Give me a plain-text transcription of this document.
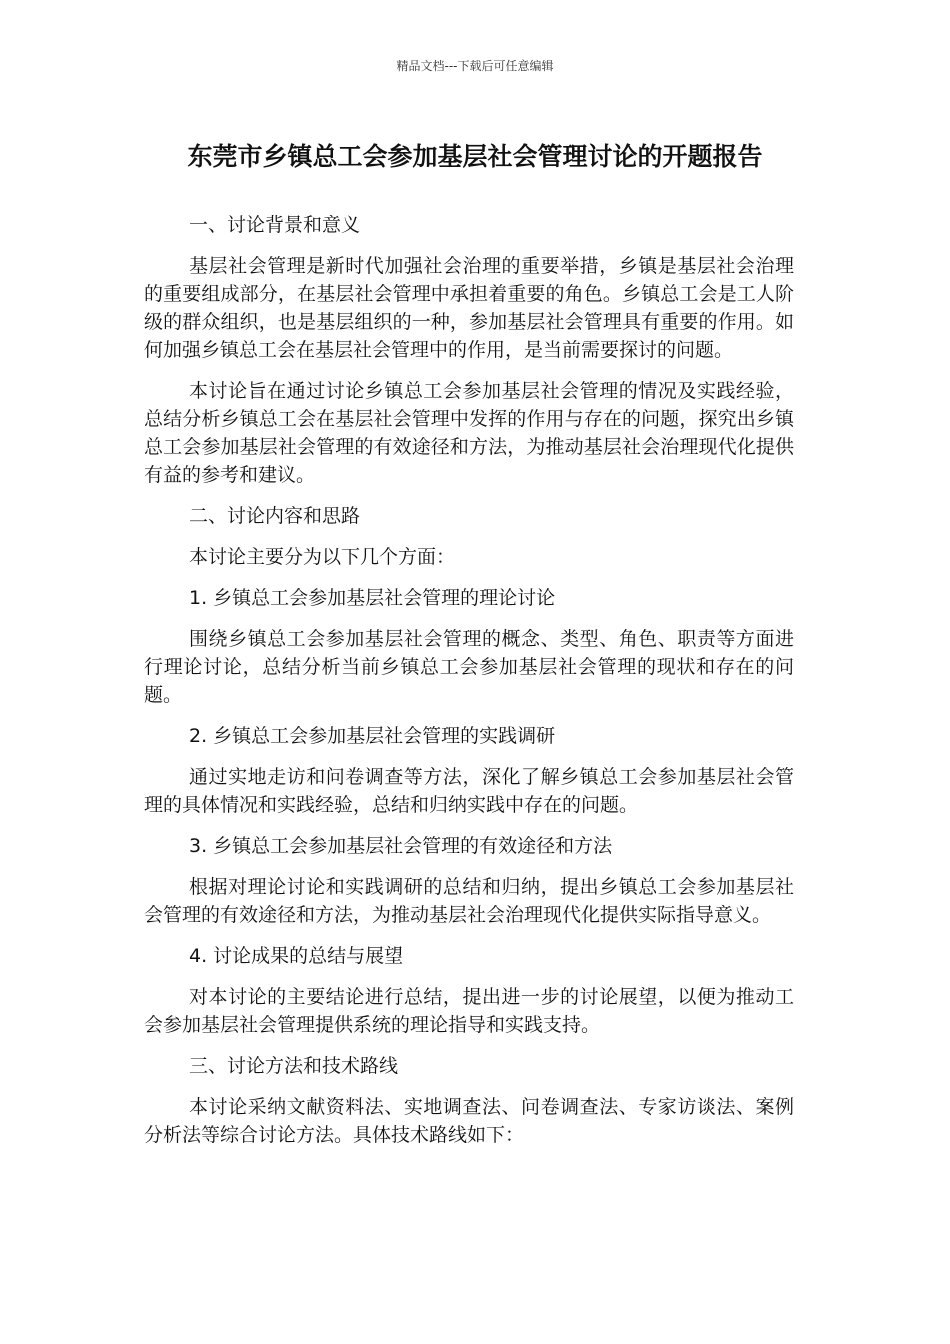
精品文档---下载后可任意编辑
东莞市乡镇总工会参加基层社会管理讨论的开题报告

一、讨论背景和意义

基层社会管理是新时代加强社会治理的重要举措，乡镇是基层社会治理的重要组成部分，在基层社会管理中承担着重要的角色。乡镇总工会是工人阶级的群众组织，也是基层组织的一种，参加基层社会管理具有重要的作用。如何加强乡镇总工会在基层社会管理中的作用，是当前需要探讨的问题。

本讨论旨在通过讨论乡镇总工会参加基层社会管理的情况及实践经验，总结分析乡镇总工会在基层社会管理中发挥的作用与存在的问题，探究出乡镇总工会参加基层社会管理的有效途径和方法，为推动基层社会治理现代化提供有益的参考和建议。

二、讨论内容和思路

本讨论主要分为以下几个方面：

1. 乡镇总工会参加基层社会管理的理论讨论

围绕乡镇总工会参加基层社会管理的概念、类型、角色、职责等方面进行理论讨论，总结分析当前乡镇总工会参加基层社会管理的现状和存在的问题。

2. 乡镇总工会参加基层社会管理的实践调研

通过实地走访和问卷调查等方法，深化了解乡镇总工会参加基层社会管理的具体情况和实践经验，总结和归纳实践中存在的问题。

3. 乡镇总工会参加基层社会管理的有效途径和方法

根据对理论讨论和实践调研的总结和归纳，提出乡镇总工会参加基层社会管理的有效途径和方法，为推动基层社会治理现代化提供实际指导意义。

4. 讨论成果的总结与展望

对本讨论的主要结论进行总结，提出进一步的讨论展望，以便为推动工会参加基层社会管理提供系统的理论指导和实践支持。

三、讨论方法和技术路线

本讨论采纳文献资料法、实地调查法、问卷调查法、专家访谈法、案例分析法等综合讨论方法。具体技术路线如下：
